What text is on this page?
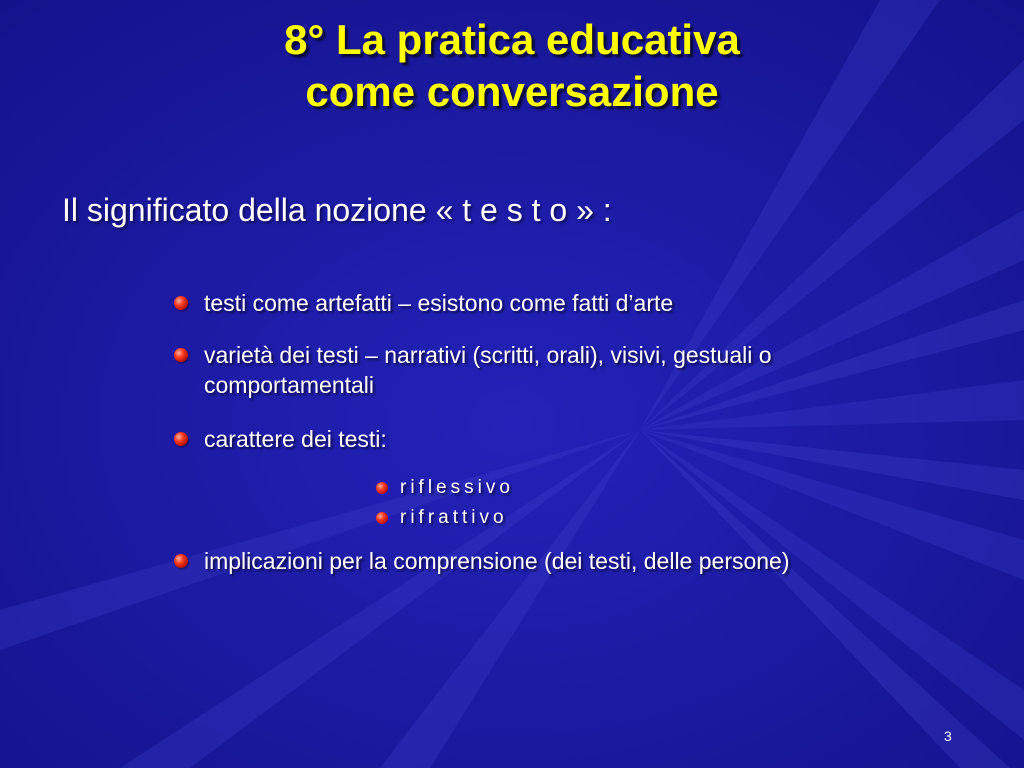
8° La pratica educativa
come conversazione
Il significato della nozione « t e s t o » :
testi come artefatti – esistono come fatti d’arte
varietà dei testi – narrativi (scritti, orali), visivi, gestuali o comportamentali
carattere dei testi:
riflessivo
rifrattivo
implicazioni per la comprensione (dei testi, delle persone)
3
